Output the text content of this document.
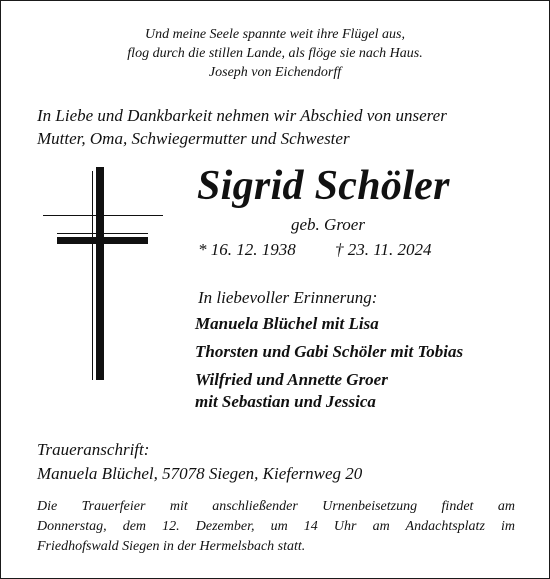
Und meine Seele spannte weit ihre Flügel aus,
flog durch die stillen Lande, als flöge sie nach Haus.
Joseph von Eichendorff
In Liebe und Dankbarkeit nehmen wir Abschied von unserer
Mutter, Oma, Schwiegermutter und Schwester
Sigrid Schöler
geb. Groer
* 16. 12. 1938 † 23. 11. 2024
In liebevoller Erinnerung:
Manuela Blüchel mit Lisa
Thorsten und Gabi Schöler mit Tobias
Wilfried und Annette Groer
mit Sebastian und Jessica
Traueranschrift:
Manuela Blüchel, 57078 Siegen, Kiefernweg 20
Die Trauerfeier mit anschließender Urnenbeisetzung findet am
Donnerstag, dem 12. Dezember, um 14 Uhr am Andachtsplatz im
Friedhofswald Siegen in der Hermelsbach statt.
